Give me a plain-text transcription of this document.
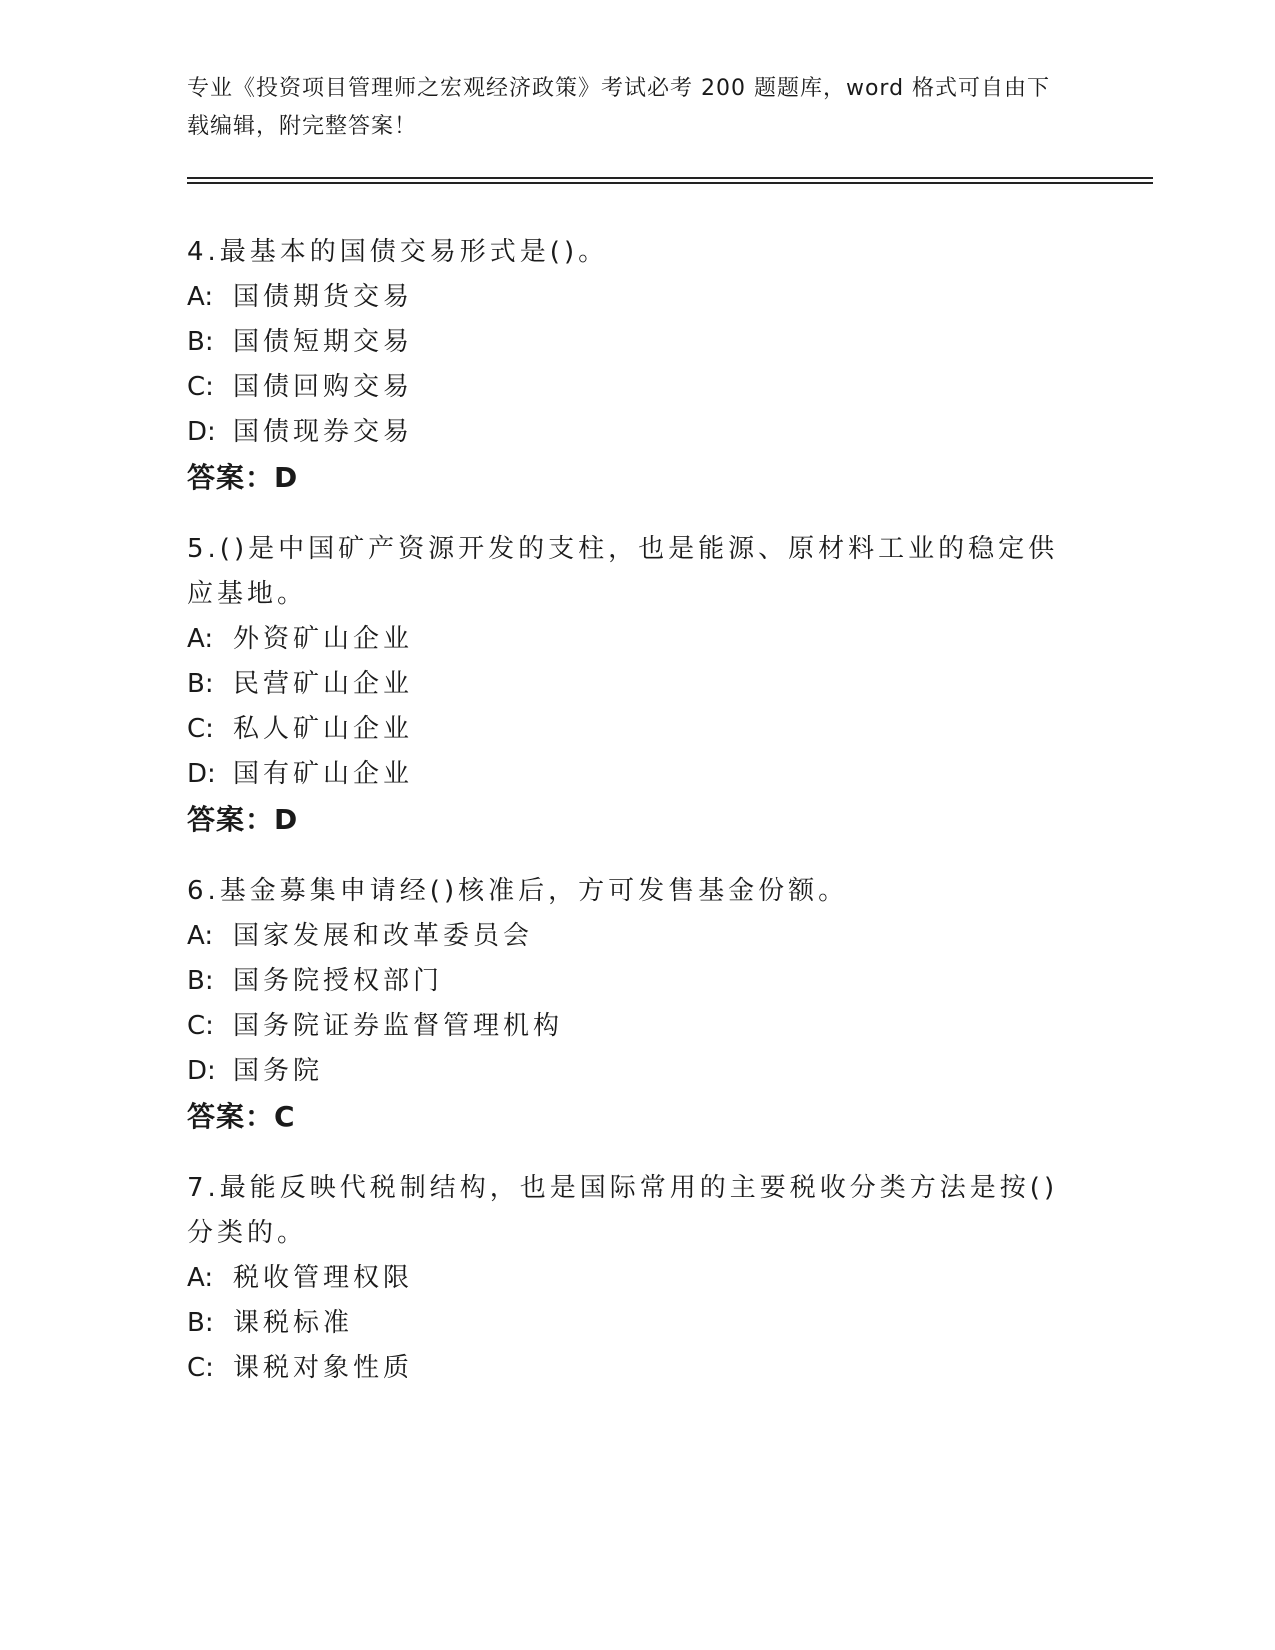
专业《投资项目管理师之宏观经济政策》考试必考 200 题题库，word 格式可自由下载编辑，附完整答案！
4.最基本的国债交易形式是()。
A: 国债期货交易
B: 国债短期交易
C: 国债回购交易
D: 国债现券交易
答案：D
5.()是中国矿产资源开发的支柱，也是能源、原材料工业的稳定供应基地。
A: 外资矿山企业
B: 民营矿山企业
C: 私人矿山企业
D: 国有矿山企业
答案：D
6.基金募集申请经()核准后，方可发售基金份额。
A: 国家发展和改革委员会
B: 国务院授权部门
C: 国务院证券监督管理机构
D: 国务院
答案：C
7.最能反映代税制结构，也是国际常用的主要税收分类方法是按()分类的。
A: 税收管理权限
B: 课税标准
C: 课税对象性质
